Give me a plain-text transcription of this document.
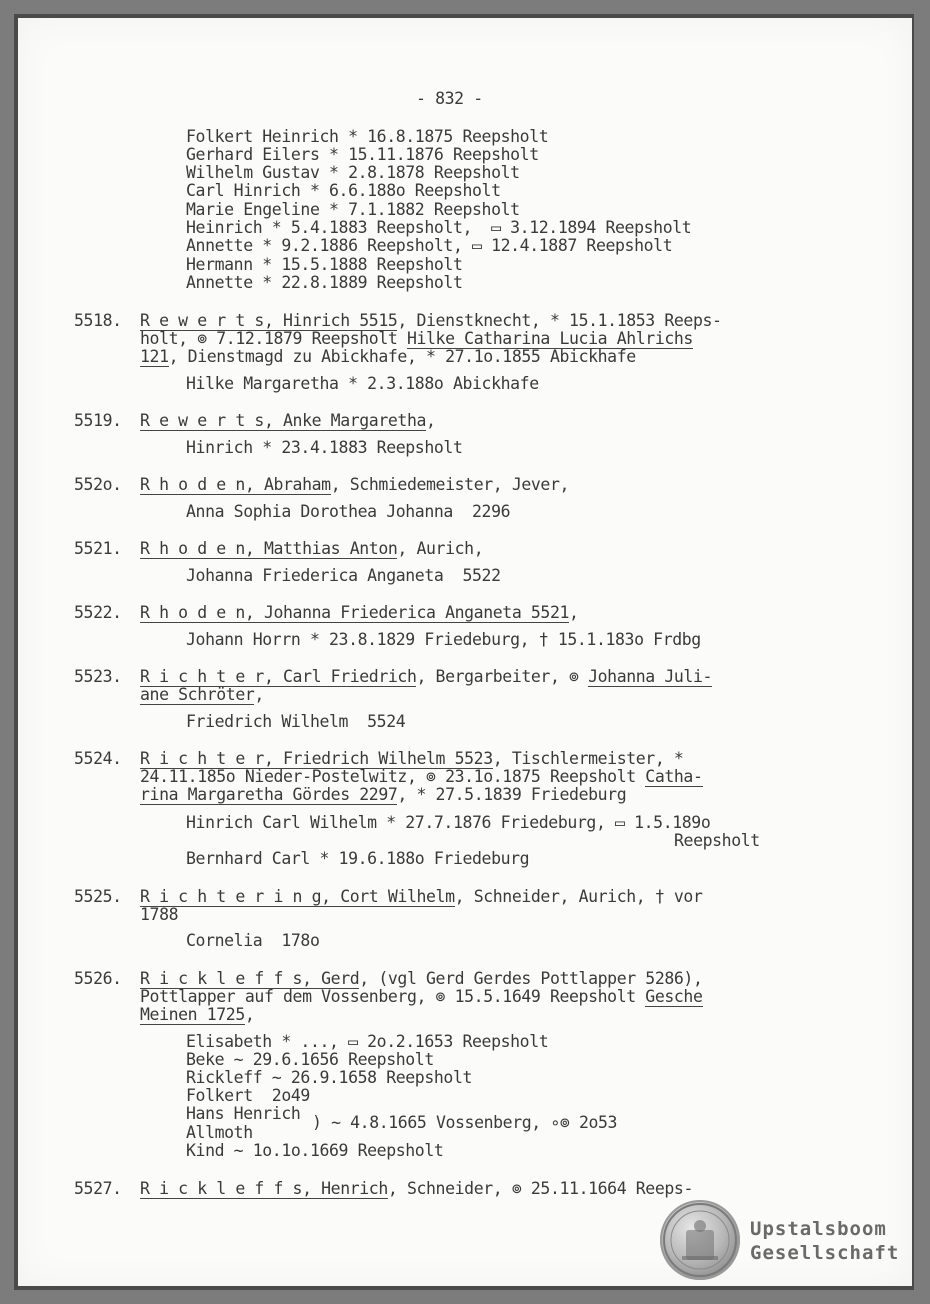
- 832 -
Folkert Heinrich * 16.8.1875 Reepsholt
Gerhard Eilers * 15.11.1876 Reepsholt
Wilhelm Gustav * 2.8.1878 Reepsholt
Carl Hinrich * 6.6.188o Reepsholt
Marie Engeline * 7.1.1882 Reepsholt
Heinrich * 5.4.1883 Reepsholt,  ▭ 3.12.1894 Reepsholt
Annette * 9.2.1886 Reepsholt, ▭ 12.4.1887 Reepsholt
Hermann * 15.5.1888 Reepsholt
Annette * 22.8.1889 Reepsholt
5518. R e w e r t s, Hinrich 5515, Dienstknecht, * 15.1.1853 Reeps-
holt, ⊚ 7.12.1879 Reepsholt Hilke Catharina Lucia Ahlrichs
121, Dienstmagd zu Abickhafe, * 27.1o.1855 Abickhafe
Hilke Margaretha * 2.3.188o Abickhafe
5519. R e w e r t s, Anke Margaretha,
Hinrich * 23.4.1883 Reepsholt
552o. R h o d e n, Abraham, Schmiedemeister, Jever,
Anna Sophia Dorothea Johanna  2296
5521. R h o d e n, Matthias Anton, Aurich,
Johanna Friederica Anganeta  5522
5522. R h o d e n, Johanna Friederica Anganeta 5521,
Johann Horrn * 23.8.1829 Friedeburg, † 15.1.183o Frdbg
5523. R i c h t e r, Carl Friedrich, Bergarbeiter, ⊚ Johanna Juli-
ane Schröter,
Friedrich Wilhelm  5524
5524. R i c h t e r, Friedrich Wilhelm 5523, Tischlermeister, *
24.11.185o Nieder-Postelwitz, ⊚ 23.1o.1875 Reepsholt Catha-
rina Margaretha Gördes 2297, * 27.5.1839 Friedeburg
Hinrich Carl Wilhelm * 27.7.1876 Friedeburg, ▭ 1.5.189o
Reepsholt
Bernhard Carl * 19.6.188o Friedeburg
5525. R i c h t e r i n g, Cort Wilhelm, Schneider, Aurich, † vor
1788
Cornelia  178o
5526. R i c k l e f f s, Gerd, (vgl Gerd Gerdes Pottlapper 5286),
Pottlapper auf dem Vossenberg, ⊚ 15.5.1649 Reepsholt Gesche
Meinen 1725,
Elisabeth * ..., ▭ 2o.2.1653 Reepsholt
Beke ~ 29.6.1656 Reepsholt
Rickleff ~ 26.9.1658 Reepsholt
Folkert  2o49
Hans Henrich ) ~ 4.8.1665 Vossenberg, ∘⊚ 2o53
Allmoth
Kind ~ 1o.1o.1669 Reepsholt
5527. R i c k l e f f s, Henrich, Schneider, ⊚ 25.11.1664 Reeps-
Upstalsboom
Gesellschaft
